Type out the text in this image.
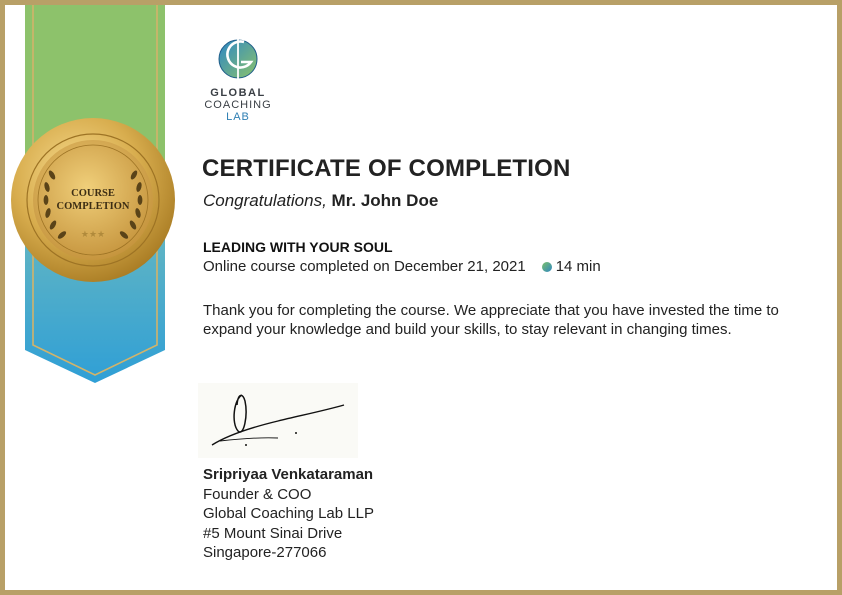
COURSE
COMPLETION
★★★
GLOBAL
COACHING
LAB
CERTIFICATE OF COMPLETION
Congratulations, Mr. John Doe
LEADING WITH YOUR SOUL
Online course completed on December 21, 2021 14 min
Thank you for completing the course. We appreciate that you have invested the time to expand your knowledge and build your skills, to stay relevant in changing times.
Sripriyaa Venkataraman
Founder & COO
Global Coaching Lab LLP
#5 Mount Sinai Drive
Singapore-277066
